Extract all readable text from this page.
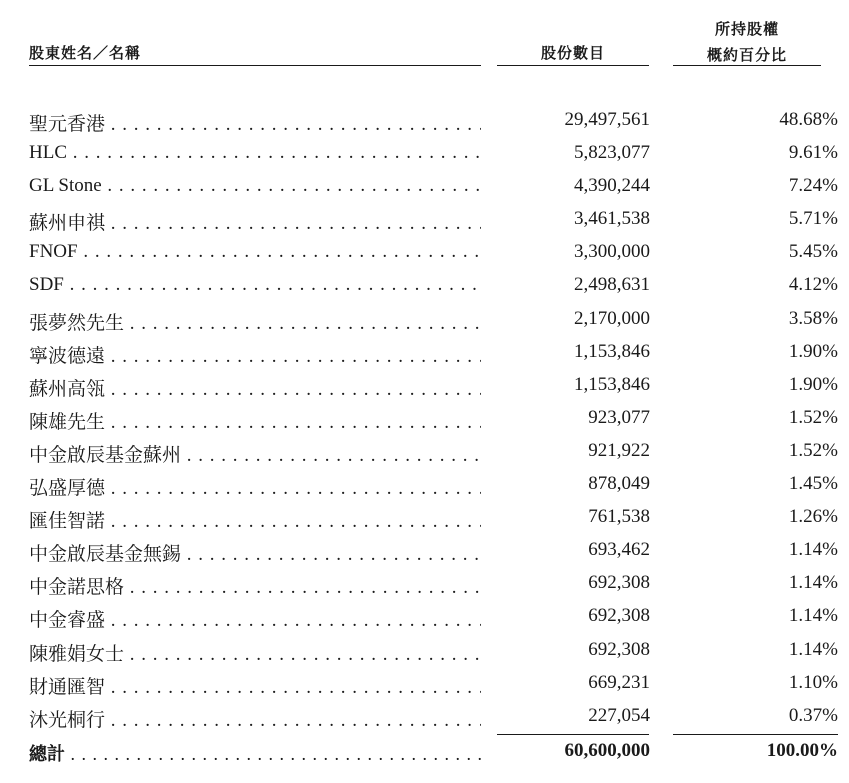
股東姓名／名稱	股份數目
所持股權
概約百分比
聖元香港 . . .	29,497,561	48.68%
HLC . . .	5,823,077	9.61%
GL Stone . . .	4,390,244	7.24%
蘇州申祺 . . .	3,461,538	5.71%
FNOF . . .	3,300,000	5.45%
SDF . . .	2,498,631	4.12%
張夢然先生 . . .	2,170,000	3.58%
寧波德遠 . . .	1,153,846	1.90%
蘇州高瓴 . . .	1,153,846	1.90%
陳雄先生 . . .	923,077	1.52%
中金啟辰基金蘇州 . . .	921,922	1.52%
弘盛厚德 . . .	878,049	1.45%
匯佳智諾 . . .	761,538	1.26%
中金啟辰基金無錫 . . .	693,462	1.14%
中金諾思格 . . .	692,308	1.14%
中金睿盛 . . .	692,308	1.14%
陳雅娟女士 . . .	692,308	1.14%
財通匯智 . . .	669,231	1.10%
沐光桐行 . . .	227,054	0.37%
總計 . . .	60,600,000	100.00%
